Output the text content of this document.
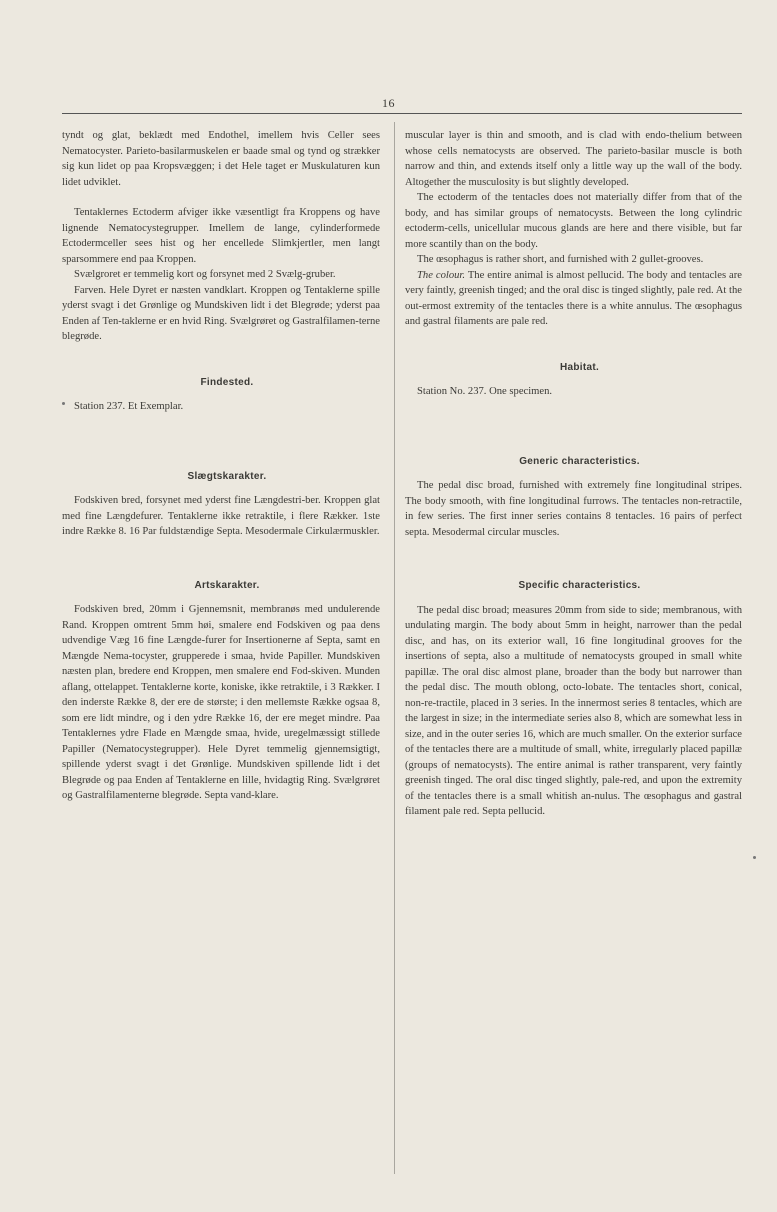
16

tyndt og glat, beklædt med Endothel, imellem hvis Celler sees Nematocyster. Parieto-basilarmuskelen er baade smal og tynd og strækker sig kun lidet op paa Kropsvæggen; i det Hele taget er Muskulaturen kun lidet udviklet.

Tentaklernes Ectoderm afviger ikke væsentligt fra Kroppens og have lignende Nematocystegrupper. Imellem de lange, cylinderformede Ectodermceller sees hist og her encellede Slimkjertler, men langt sparsommere end paa Kroppen.

Svælgroret er temmelig kort og forsynet med 2 Svælg-gruber.

Farven. Hele Dyret er næsten vandklart. Kroppen og Tentaklerne spille yderst svagt i det Grønlige og Mundskiven lidt i det Blegrøde; yderst paa Enden af Ten-taklerne er en hvid Ring. Svælgrøret og Gastralfilamen-terne blegrøde.

Findested.

Station 237. Et Exemplar.

Slægtskarakter.

Fodskiven bred, forsynet med yderst fine Længdestri-ber. Kroppen glat med fine Længdefurer. Tentaklerne ikke retraktile, i flere Rækker. 1ste indre Række 8. 16 Par fuldstændige Septa. Mesodermale Cirkulærmuskler.

Artskarakter.

Fodskiven bred, 20mm i Gjennemsnit, membranøs med undulerende Rand. Kroppen omtrent 5mm høi, smalere end Fodskiven og paa dens udvendige Væg 16 fine Længde-furer for Insertionerne af Septa, samt en Mængde Nema-tocyster, grupperede i smaa, hvide Papiller. Mundskiven næsten plan, bredere end Kroppen, men smalere end Fod-skiven. Munden aflang, ottelappet. Tentaklerne korte, koniske, ikke retraktile, i 3 Rækker. I den inderste Række 8, der ere de største; i den mellemste Række ogsaa 8, som ere lidt mindre, og i den ydre Række 16, der ere meget mindre. Paa Tentaklernes ydre Flade en Mængde smaa, hvide, uregelmæssigt stillede Papiller (Nematocystegrupper). Hele Dyret temmelig gjennemsigtigt, spillende yderst svagt i det Grønlige. Mundskiven spillende lidt i det Blegrøde og paa Enden af Tentaklerne en lille, hvidagtig Ring. Svælgrøret og Gastralfilamenterne blegrøde. Septa vand-klare.

muscular layer is thin and smooth, and is clad with endo-thelium between whose cells nematocysts are observed. The parieto-basilar muscle is both narrow and thin, and extends itself only a little way up the wall of the body. Altogether the musculosity is but slightly developed.

The ectoderm of the tentacles does not materially differ from that of the body, and has similar groups of nematocysts. Between the long cylindric ectoderm-cells, unicellular mucous glands are here and there visible, but far more scantily than on the body.

The œsophagus is rather short, and furnished with 2 gullet-grooves.

The colour. The entire animal is almost pellucid. The body and tentacles are very faintly, greenish tinged; and the oral disc is tinged slightly, pale red. At the out-ermost extremity of the tentacles there is a white annulus. The œsophagus and gastral filaments are pale red.

Habitat.

Station No. 237. One specimen.

Generic characteristics.

The pedal disc broad, furnished with extremely fine longitudinal stripes. The body smooth, with fine longitudinal furrows. The tentacles non-retractile, in few series. The first inner series contains 8 tentacles. 16 pairs of perfect septa. Mesodermal circular muscles.

Specific characteristics.

The pedal disc broad; measures 20mm from side to side; membranous, with undulating margin. The body about 5mm in height, narrower than the pedal disc, and has, on its exterior wall, 16 fine longitudinal grooves for the insertions of septa, also a multitude of nematocysts grouped in small white papillæ. The oral disc almost plane, broader than the body but narrower than the pedal disc. The mouth oblong, octo-lobate. The tentacles short, conical, non-re-tractile, placed in 3 series. In the innermost series 8 tentacles, which are the largest in size; in the intermediate series also 8, which are somewhat less in size, and in the outer series 16, which are much smaller. On the exterior surface of the tentacles there are a multitude of small, white, irregularly placed papillæ (groups of nematocysts). The entire animal is rather transparent, very faintly greenish tinged. The oral disc tinged slightly, pale-red, and upon the extremity of the tentacles there is a small whitish an-nulus. The œsophagus and gastral filament pale red. Septa pellucid.
